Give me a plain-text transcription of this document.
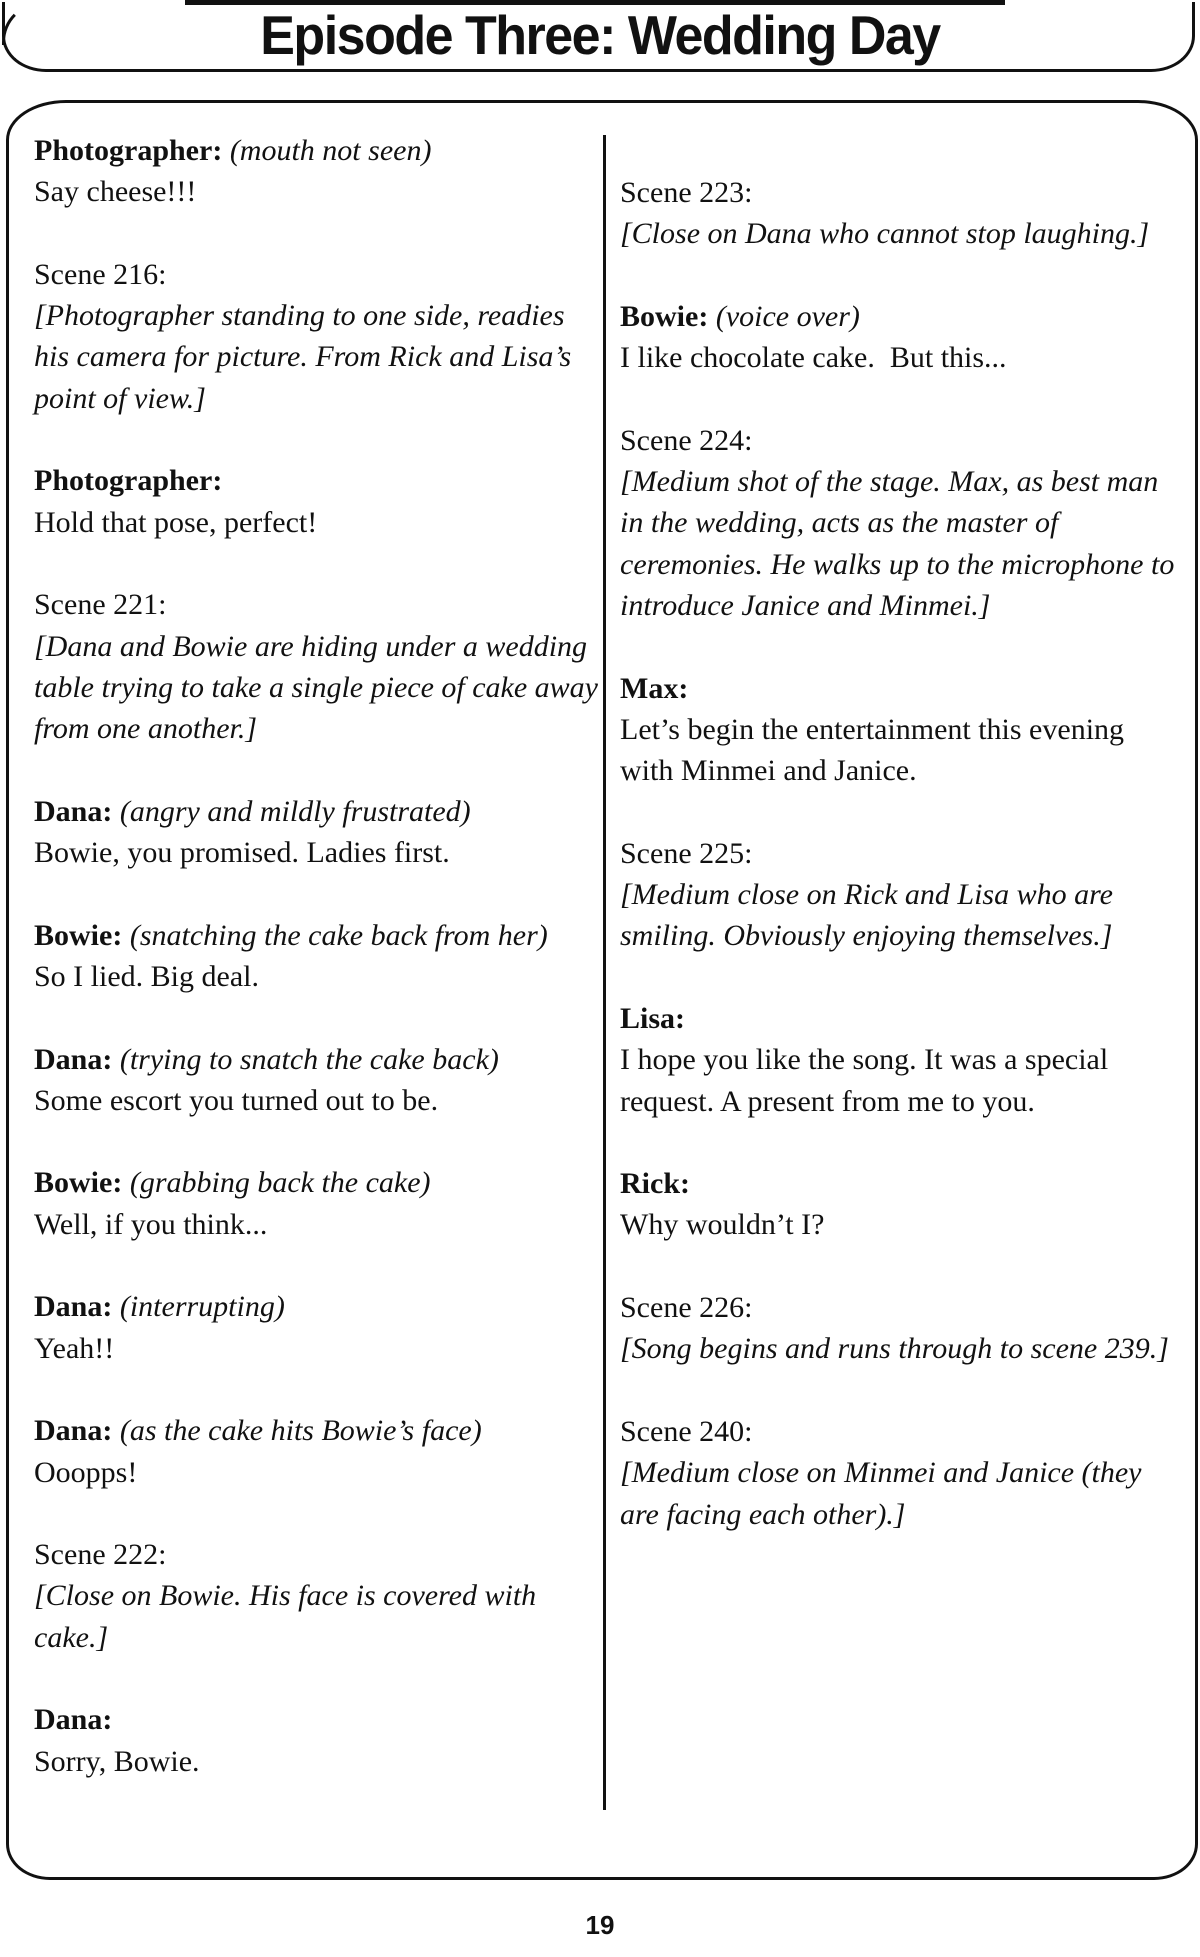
Episode Three: Wedding Day
Photographer: (mouth not seen)
Say cheese!!!
Scene 216:
[Photographer standing to one side, readies his camera for picture. From Rick and Lisa’s point of view.]
Photographer:
Hold that pose, perfect!
Scene 221:
[Dana and Bowie are hiding under a wedding table trying to take a single piece of cake away from one another.]
Dana: (angry and mildly frustrated)
Bowie, you promised. Ladies first.
Bowie: (snatching the cake back from her)
So I lied. Big deal.
Dana: (trying to snatch the cake back)
Some escort you turned out to be.
Bowie: (grabbing back the cake)
Well, if you think...
Dana: (interrupting)
Yeah!!
Dana: (as the cake hits Bowie’s face)
Ooopps!
Scene 222:
[Close on Bowie. His face is covered with cake.]
Dana:
Sorry, Bowie.
Scene 223:
[Close on Dana who cannot stop laughing.]
Bowie: (voice over)
I like chocolate cake.  But this...
Scene 224:
[Medium shot of the stage. Max, as best man in the wedding, acts as the master of ceremonies. He walks up to the microphone to introduce Janice and Minmei.]
Max:
Let’s begin the entertainment this evening with Minmei and Janice.
Scene 225:
[Medium close on Rick and Lisa who are smiling. Obviously enjoying themselves.]
Lisa:
I hope you like the song. It was a special request. A present from me to you.
Rick:
Why wouldn’t I?
Scene 226:
[Song begins and runs through to scene 239.]
Scene 240:
[Medium close on Minmei and Janice (they are facing each other).]
19
